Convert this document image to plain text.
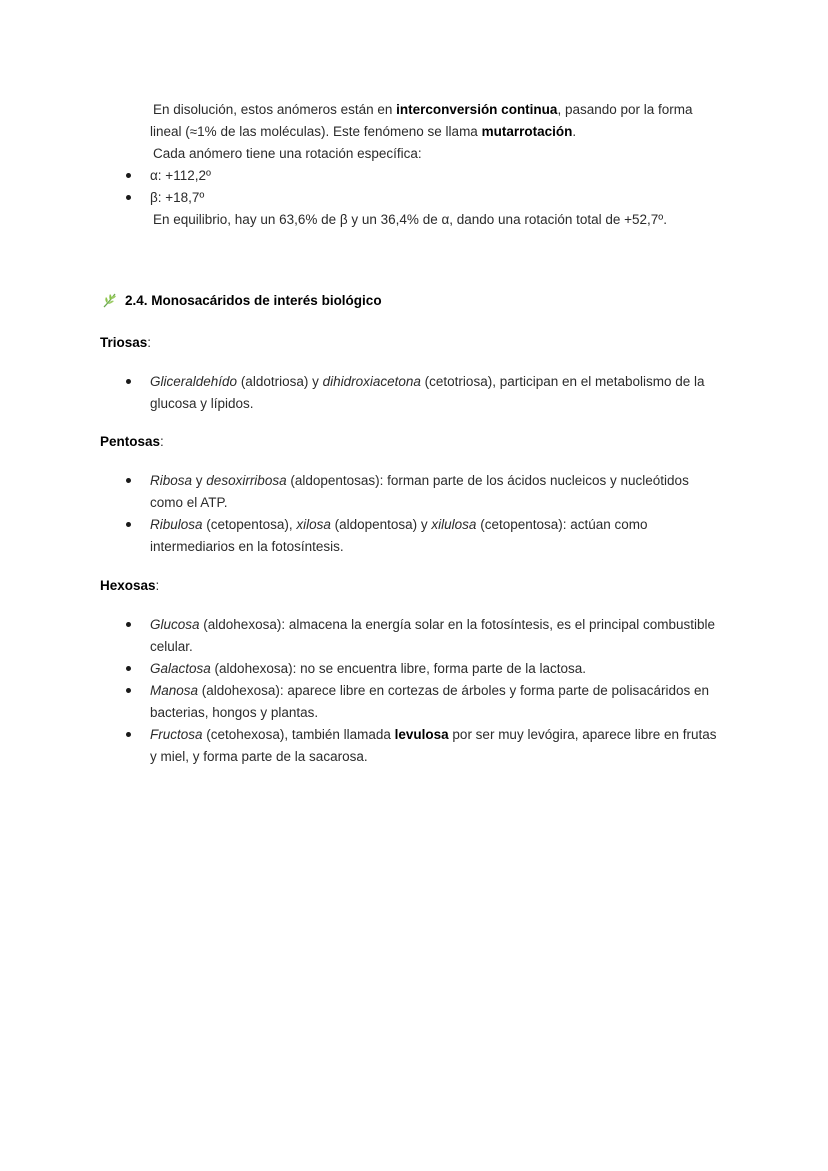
En disolución, estos anómeros están en interconversión continua, pasando por la forma
lineal (≈1% de las moléculas). Este fenómeno se llama mutarrotación.
Cada anómero tiene una rotación específica:
α: +112,2º
β: +18,7º
En equilibrio, hay un 63,6% de β y un 36,4% de α, dando una rotación total de +52,7º.
2.4. Monosacáridos de interés biológico
Triosas:
Gliceraldehído (aldotriosa) y dihidroxiacetona (cetotriosa), participan en el metabolismo de la
glucosa y lípidos.
Pentosas:
Ribosa y desoxirribosa (aldopentosas): forman parte de los ácidos nucleicos y nucleótidos
como el ATP.
Ribulosa (cetopentosa), xilosa (aldopentosa) y xilulosa (cetopentosa): actúan como
intermediarios en la fotosíntesis.
Hexosas:
Glucosa (aldohexosa): almacena la energía solar en la fotosíntesis, es el principal combustible
celular.
Galactosa (aldohexosa): no se encuentra libre, forma parte de la lactosa.
Manosa (aldohexosa): aparece libre en cortezas de árboles y forma parte de polisacáridos en
bacterias, hongos y plantas.
Fructosa (cetohexosa), también llamada levulosa por ser muy levógira, aparece libre en frutas
y miel, y forma parte de la sacarosa.
